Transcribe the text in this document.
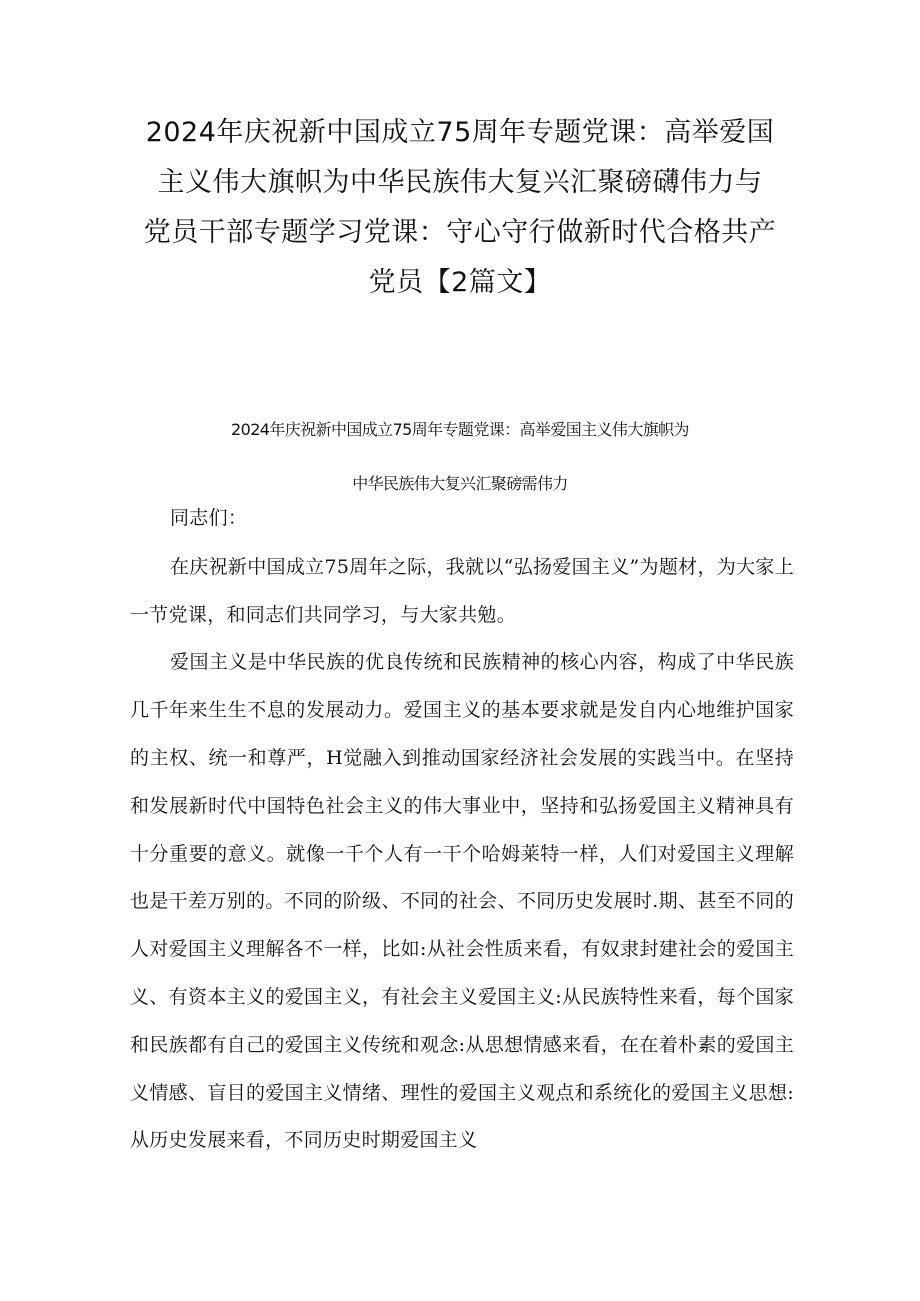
2024年庆祝新中国成立75周年专题党课：高举爱国
主义伟大旗帜为中华民族伟大复兴汇聚磅礴伟力与
党员干部专题学习党课：守心守行做新时代合格共产
党员【2篇文】
2024年庆祝新中国成立75周年专题党课：高举爱国主义伟大旗帜为
中华民族伟大复兴汇聚磅需伟力

同志们：

在庆祝新中国成立75周年之际，我就以“弘扬爱国主义”为题材，为大家上一节党课，和同志们共同学习，与大家共勉。

爱国主义是中华民族的优良传统和民族精神的核心内容，构成了中华民族几千年来生生不息的发展动力。爱国主义的基本要求就是发自内心地维护国家的主权、统一和尊严，H觉融入到推动国家经济社会发展的实践当中。在坚持和发展新时代中国特色社会主义的伟大事业中，坚持和弘扬爱国主义精神具有十分重要的意义。就像一千个人有一干个哈姆莱特一样，人们对爱国主义理解也是干差万别的。不同的阶级、不同的社会、不同历史发展时.期、甚至不同的人对爱国主义理解各不一样，比如:从社会性质来看，有奴隶封建社会的爱国主义、有资本主义的爱国主义，有社会主义爱国主义:从民族特性来看，每个国家和民族都有自己的爱国主义传统和观念:从思想情感来看，在在着朴素的爱国主义情感、盲目的爱国主义情绪、理性的爱国主义观点和系统化的爱国主义思想:从历史发展来看，不同历史时期爱国主义
